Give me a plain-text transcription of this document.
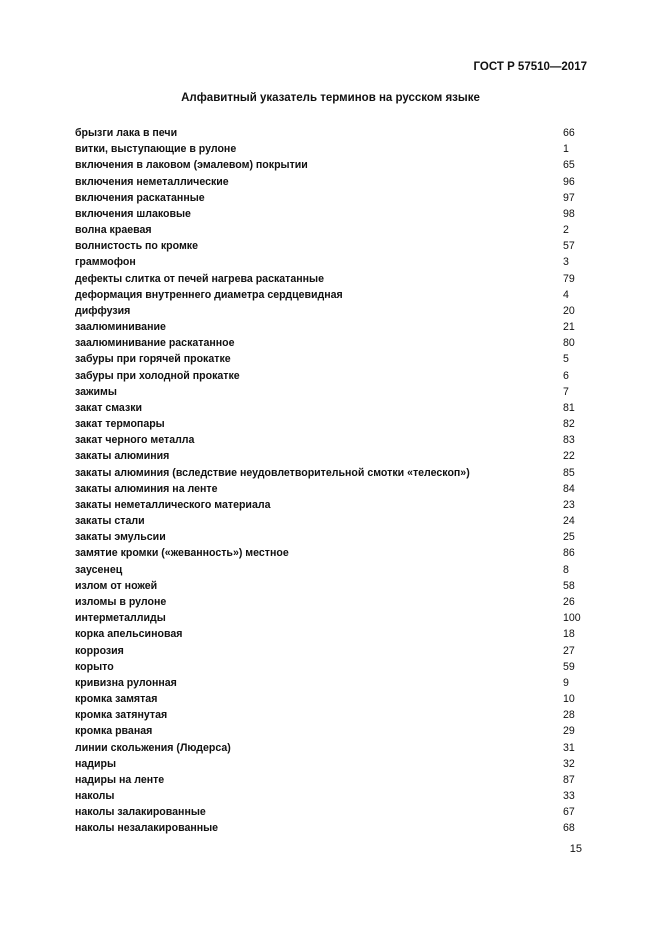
ГОСТ Р 57510—2017
Алфавитный указатель терминов на русском языке
брызги лака в печи	66
витки, выступающие в рулоне	1
включения в лаковом (эмалевом) покрытии	65
включения неметаллические	96
включения раскатанные	97
включения шлаковые	98
волна краевая	2
волнистость по кромке	57
граммофон	3
дефекты слитка от печей нагрева раскатанные	79
деформация внутреннего диаметра сердцевидная	4
диффузия	20
заалюминивание	21
заалюминивание раскатанное	80
забуры при горячей прокатке	5
забуры при холодной прокатке	6
зажимы	7
закат смазки	81
закат термопары	82
закат черного металла	83
закаты алюминия	22
закаты алюминия (вследствие неудовлетворительной смотки «телескоп»)	85
закаты алюминия на ленте	84
закаты неметаллического материала	23
закаты стали	24
закаты эмульсии	25
замятие кромки («жеванность») местное	86
заусенец	8
излом от ножей	58
изломы в рулоне	26
интерметаллиды	100
корка апельсиновая	18
коррозия	27
корыто	59
кривизна рулонная	9
кромка замятая	10
кромка затянутая	28
кромка рваная	29
линии скольжения (Людерса)	31
надиры	32
надиры на ленте	87
наколы	33
наколы залакированные	67
наколы незалакированные	68
15
